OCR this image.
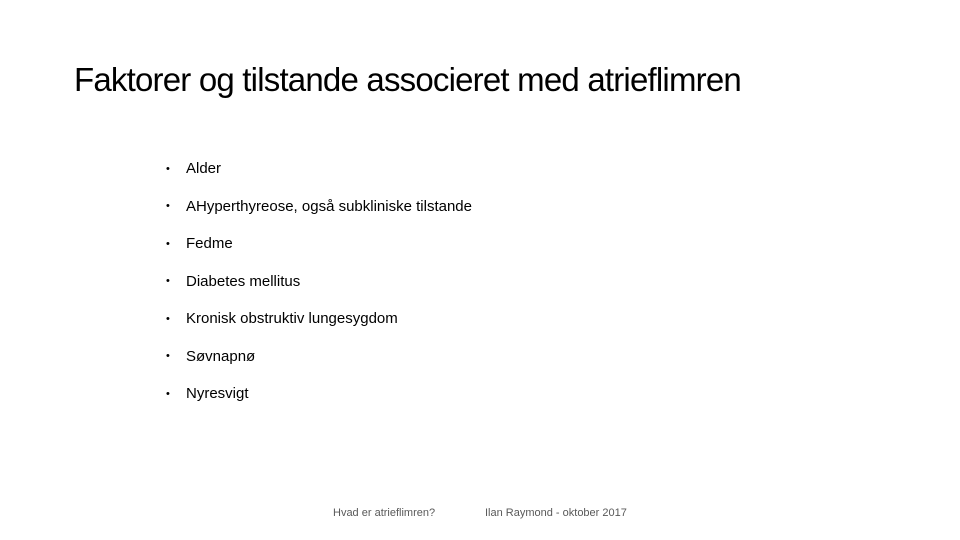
Faktorer og tilstande associeret med atrieflimren
•	Alder
•	AHyperthyreose, også subkliniske tilstande
•	Fedme
•	Diabetes mellitus
•	Kronisk obstruktiv lungesygdom
•	Søvnapnø
•	Nyresvigt
Hvad er atrieflimren?	Ilan Raymond - oktober 2017
